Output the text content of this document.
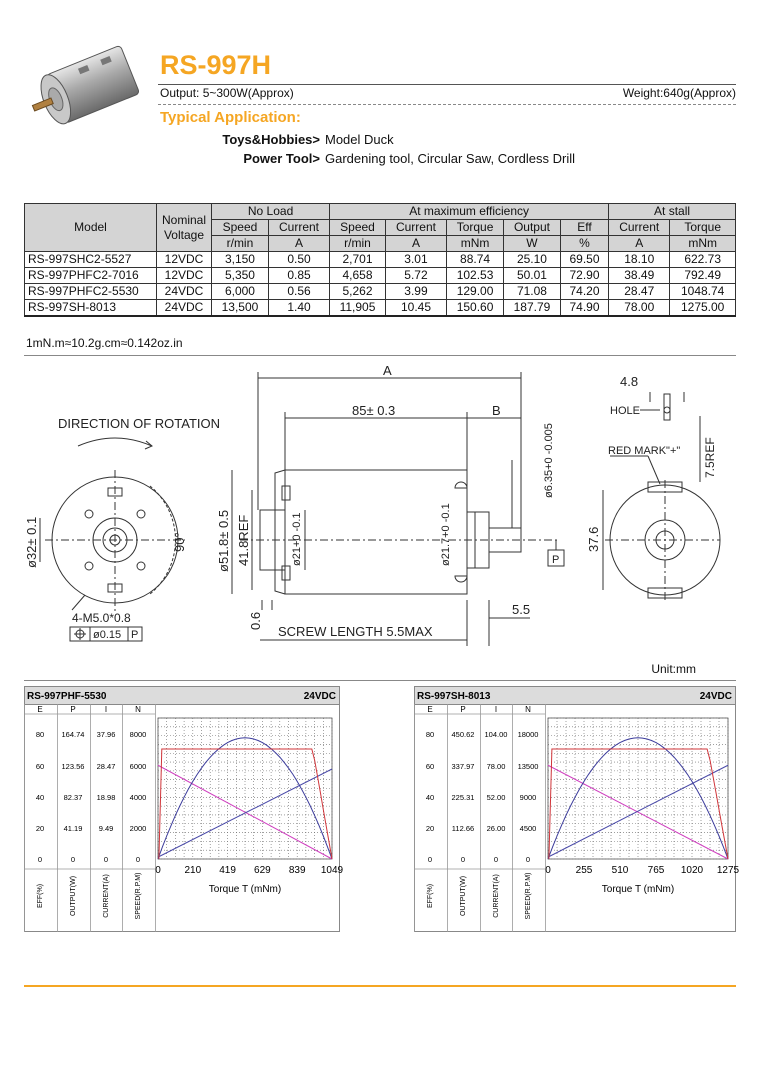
RS-997H
Output: 5~300W(Approx)	Weight:640g(Approx)
Typical Application:
Toys&Hobbies> Model Duck
Power Tool> Gardening tool, Circular Saw, Cordless Drill
Model	Nominal Voltage	No Load		At maximum efficiency					At stall	
		Speed	Current	Speed	Current	Torque	Output	Eff	Current	Torque
		r/min	A	r/min	A	mNm	W	%	A	mNm
RS-997SHC2-5527	12VDC	3,150	0.50	2,701	3.01	88.74	25.10	69.50	18.10	622.73
RS-997PHFC2-7016	12VDC	5,350	0.85	4,658	5.72	102.53	50.01	72.90	38.49	792.49
RS-997PHFC2-5530	24VDC	6,000	0.56	5,262	3.99	129.00	71.08	74.20	28.47	1048.74
RS-997SH-8013	24VDC	13,500	1.40	11,905	10.45	150.60	187.79	74.90	78.00	1275.00
1mN.m≈10.2g.cm≈0.142oz.in
DIRECTION OF ROTATION
A
85± 0.3	B
4.8
HOLE
RED MARK"+" 7.5REF
ø6.35+0 -0.005
ø32± 0.1	90° ø51.8± 0.5 41.8REF	ø21+0 -0.1	ø21.7+0 -0.1	37.6
P
4-M5.0*0.8
ø0.15 P
0.6
5.5
SCREW LENGTH 5.5MAX
Unit:mm
RS-997PHF-5530	24VDC
E	P	I	N
80 164.74 37.96 8000
60 123.56 28.47 6000
40	82.37 18.98 4000
20	41.19 9.49 2000
0	0	0	0
EFF(%)	OUTPUT(W)	CURRENT(A)	SPEED(R.P.M)
0 210 419 629 839 1049
Torque T (mNm)
RS-997SH-8013	24VDC
E	P	I	N
80 450.62 104.00 18000
60 337.97 78.00 13500
40 225.31 52.00 9000
20 112.66 26.00 4500
0	0	0	0
EFF(%)	OUTPUT(W)	CURRENT(A)	SPEED(R.P.M)
0 255 510 765 1020 1275
Torque T (mNm)
